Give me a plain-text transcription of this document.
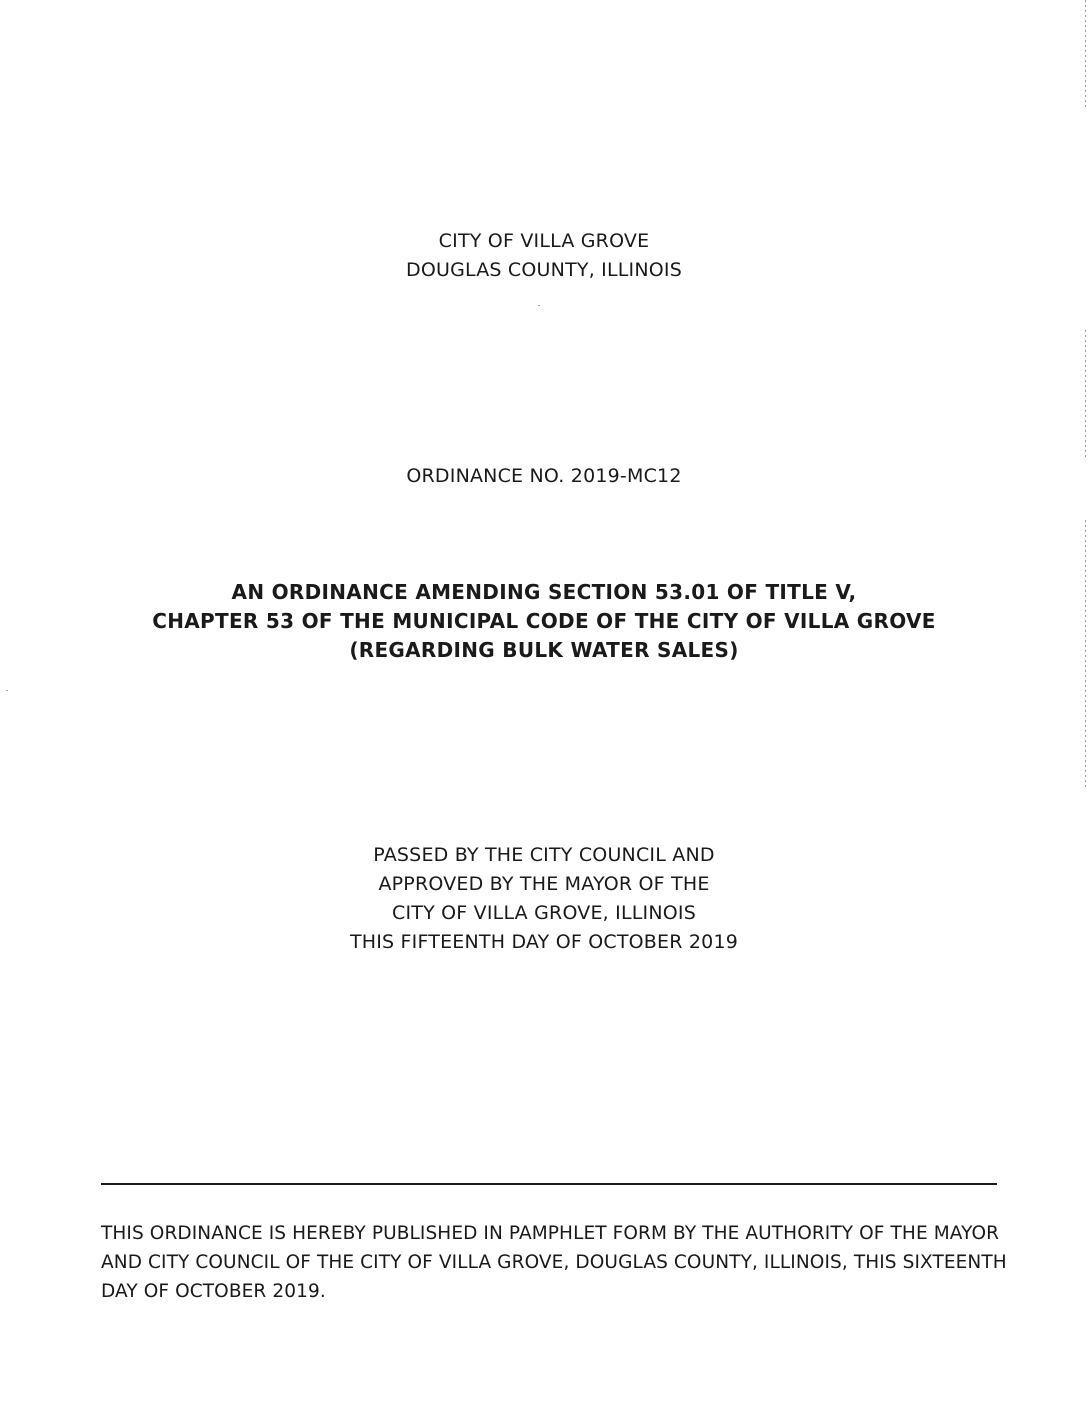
CITY OF VILLA GROVE
DOUGLAS COUNTY, ILLINOIS
ORDINANCE NO. 2019-MC12
AN ORDINANCE AMENDING SECTION 53.01 OF TITLE V,
CHAPTER 53 OF THE MUNICIPAL CODE OF THE CITY OF VILLA GROVE
(REGARDING BULK WATER SALES)
PASSED BY THE CITY COUNCIL AND
APPROVED BY THE MAYOR OF THE
CITY OF VILLA GROVE, ILLINOIS
THIS FIFTEENTH DAY OF OCTOBER 2019
THIS ORDINANCE IS HEREBY PUBLISHED IN PAMPHLET FORM BY THE AUTHORITY OF THE MAYOR
AND CITY COUNCIL OF THE CITY OF VILLA GROVE, DOUGLAS COUNTY, ILLINOIS, THIS SIXTEENTH
DAY OF OCTOBER 2019.
